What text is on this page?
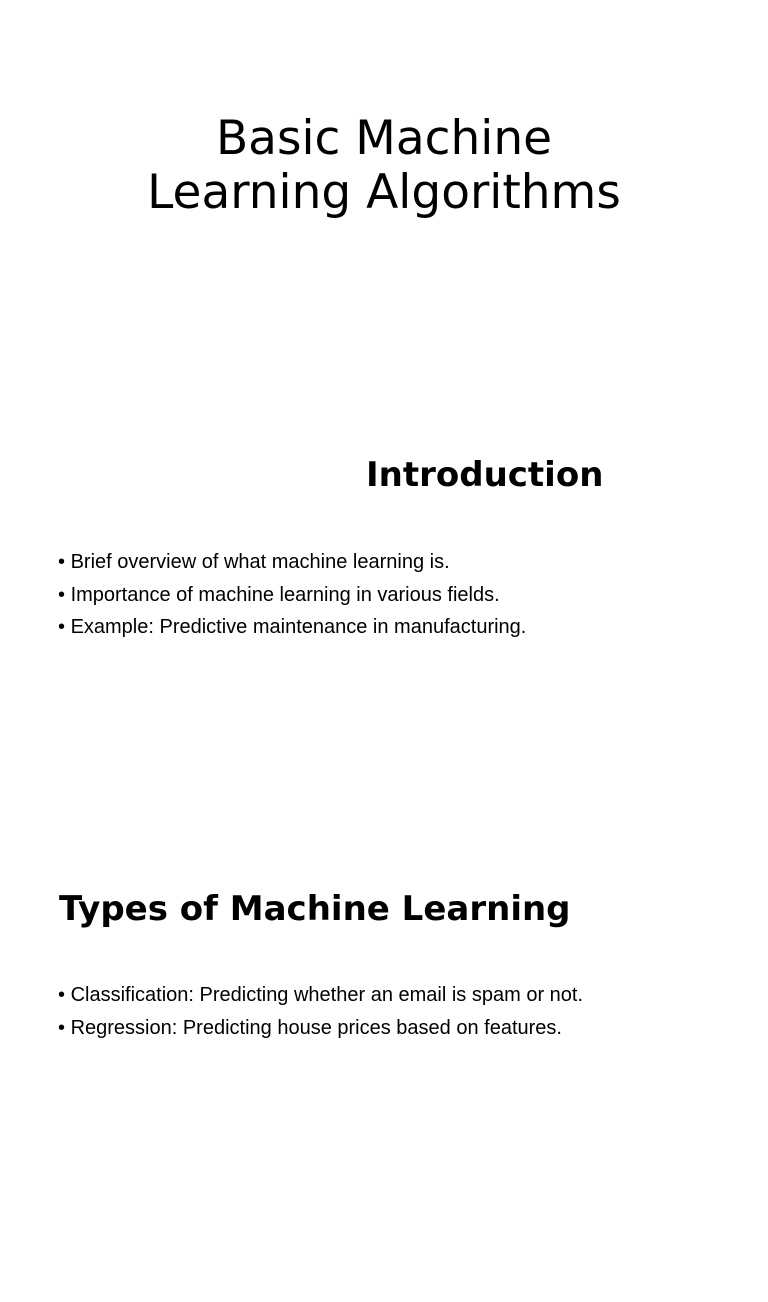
Basic Machine
Learning Algorithms
Introduction
• Brief overview of what machine learning is.
• Importance of machine learning in various fields.
• Example: Predictive maintenance in manufacturing.
Types of Machine Learning
• Classification: Predicting whether an email is spam or not.
• Regression: Predicting house prices based on features.
